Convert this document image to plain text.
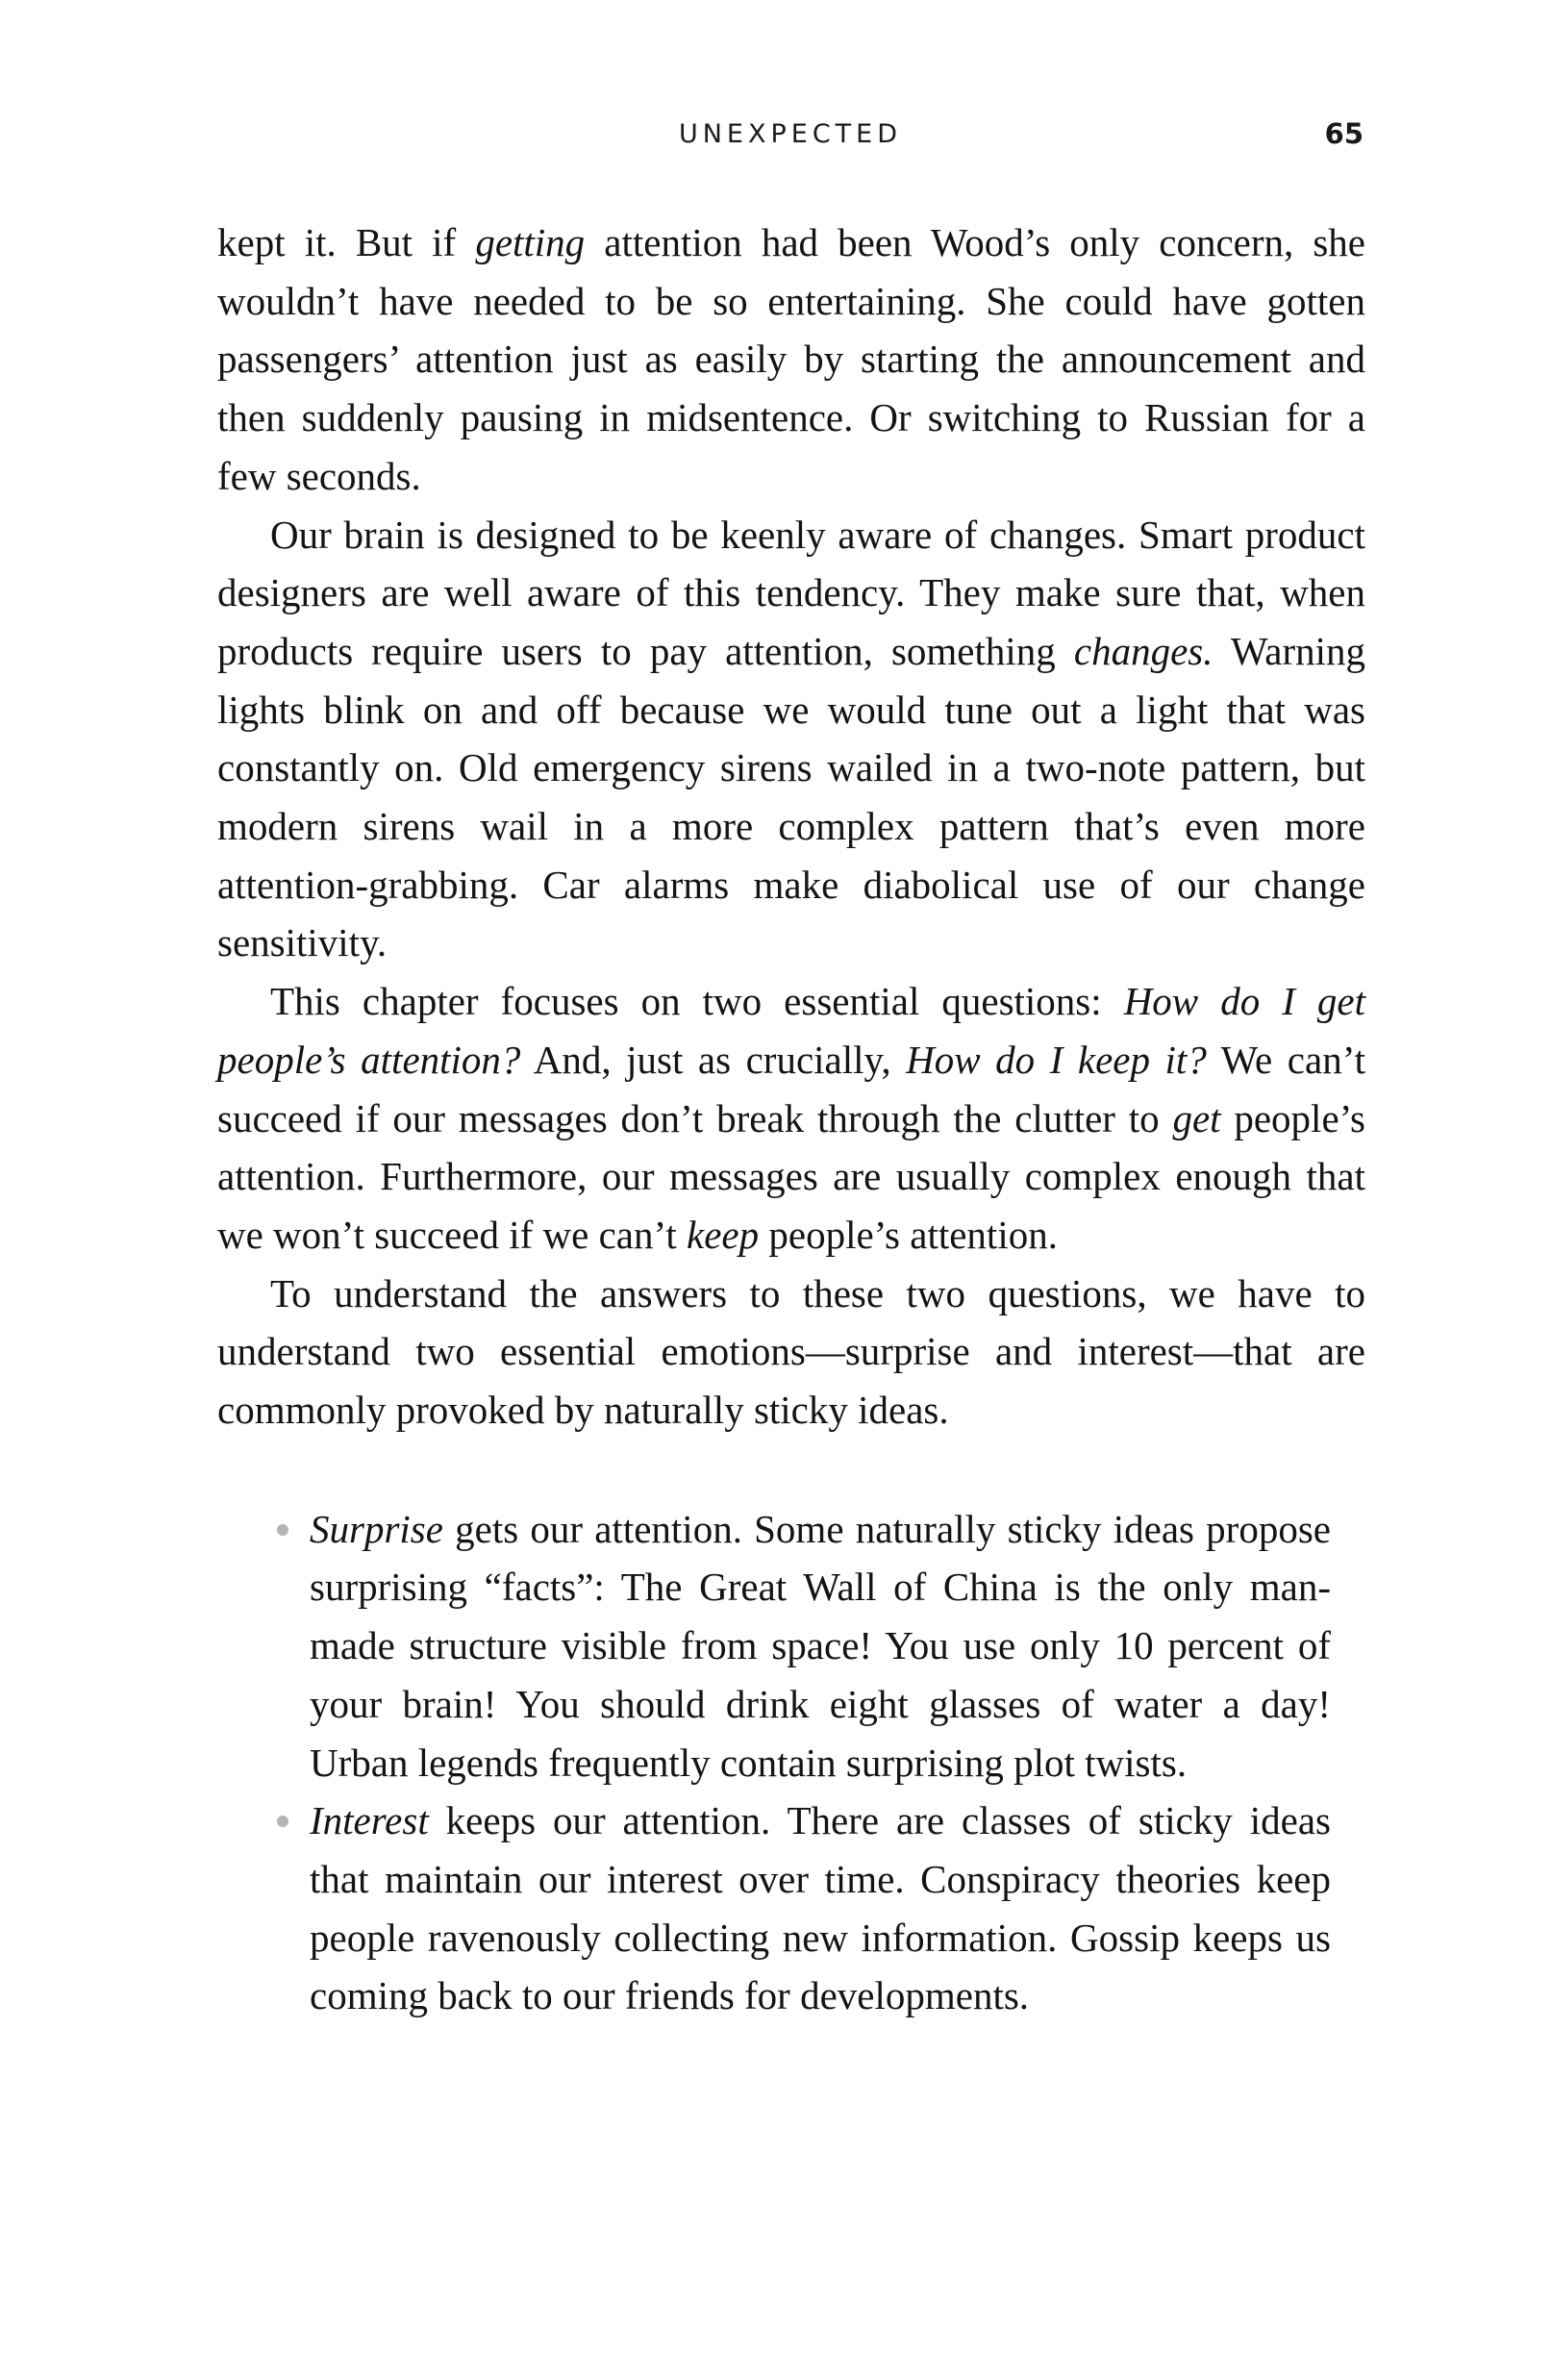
UNEXPECTED	65

kept it. But if getting attention had been Wood’s only concern, she wouldn’t have needed to be so entertaining. She could have gotten passengers’ attention just as easily by starting the announcement and then suddenly pausing in midsentence. Or switching to Russian for a few seconds.

Our brain is designed to be keenly aware of changes. Smart product designers are well aware of this tendency. They make sure that, when products require users to pay attention, something changes. Warning lights blink on and off because we would tune out a light that was constantly on. Old emergency sirens wailed in a two-note pattern, but modern sirens wail in a more complex pattern that’s even more attention-grabbing. Car alarms make diabolical use of our change sensitivity.

This chapter focuses on two essential questions: How do I get people’s attention? And, just as crucially, How do I keep it? We can’t succeed if our messages don’t break through the clutter to get people’s attention. Furthermore, our messages are usually complex enough that we won’t succeed if we can’t keep people’s attention.

To understand the answers to these two questions, we have to understand two essential emotions—surprise and interest—that are commonly provoked by naturally sticky ideas.

Surprise gets our attention. Some naturally sticky ideas propose surprising “facts”: The Great Wall of China is the only man-made structure visible from space! You use only 10 percent of your brain! You should drink eight glasses of water a day! Urban legends frequently contain surprising plot twists.
Interest keeps our attention. There are classes of sticky ideas that maintain our interest over time. Conspiracy theories keep people ravenously collecting new information. Gossip keeps us coming back to our friends for developments.
